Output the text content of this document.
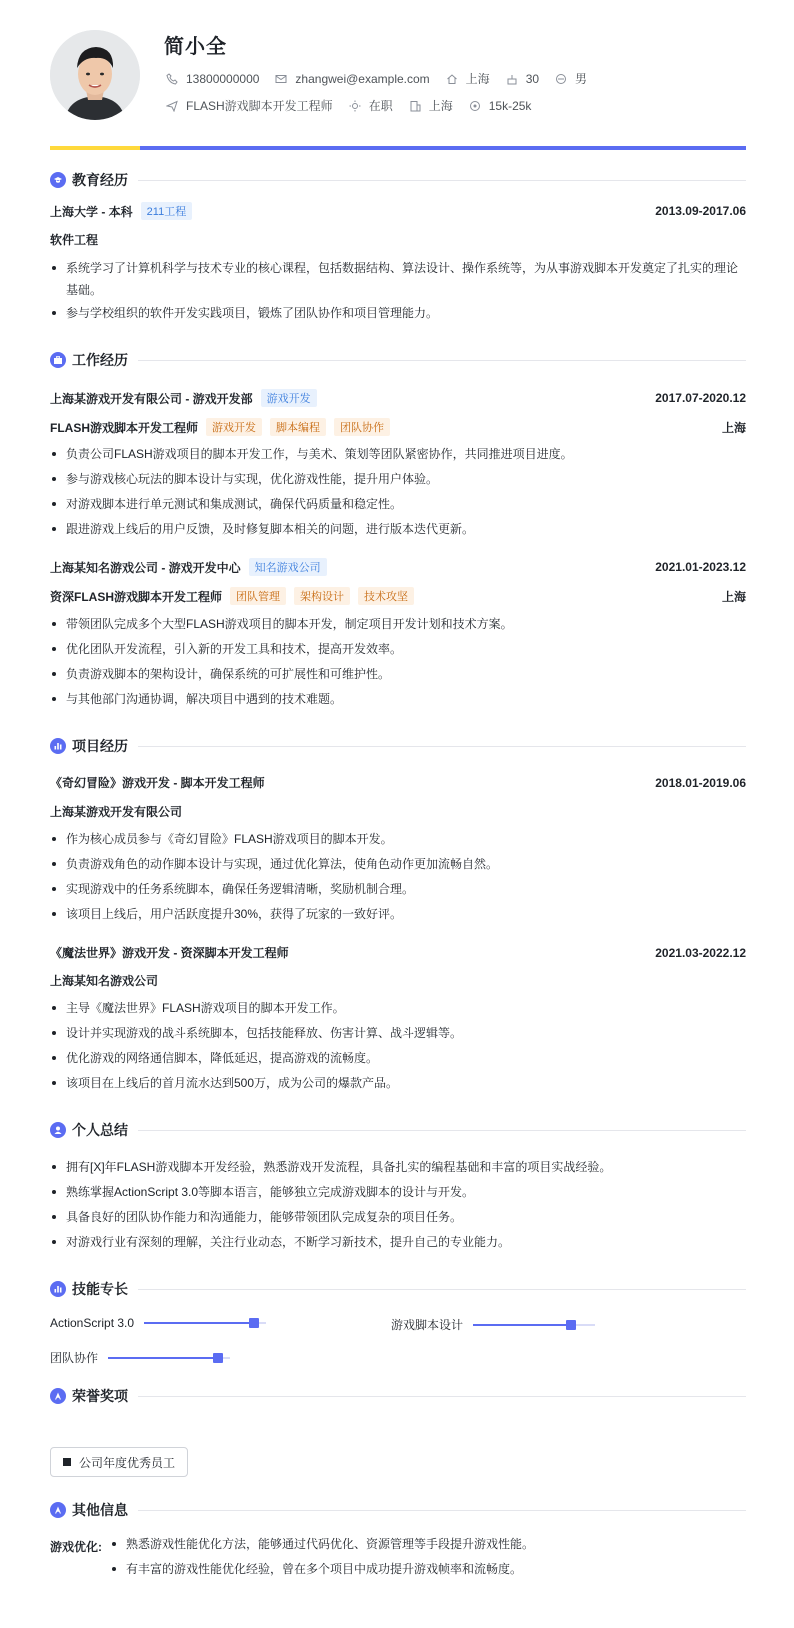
简小全
13800000000	zhangwei@example.com	上海	30	男
FLASH游戏脚本开发工程师	在职	上海	15k-25k
教育经历
上海大学 - 本科	211工程	2013.09-2017.06
软件工程
系统学习了计算机科学与技术专业的核心课程，包括数据结构、算法设计、操作系统等，为从事游戏脚本开发奠定了扎实的理论基础。
参与学校组织的软件开发实践项目，锻炼了团队协作和项目管理能力。
工作经历
上海某游戏开发有限公司 - 游戏开发部	游戏开发	2017.07-2020.12
FLASH游戏脚本开发工程师	游戏开发	脚本编程	团队协作	上海
负责公司FLASH游戏项目的脚本开发工作，与美术、策划等团队紧密协作，共同推进项目进度。
参与游戏核心玩法的脚本设计与实现，优化游戏性能，提升用户体验。
对游戏脚本进行单元测试和集成测试，确保代码质量和稳定性。
跟进游戏上线后的用户反馈，及时修复脚本相关的问题，进行版本迭代更新。
上海某知名游戏公司 - 游戏开发中心	知名游戏公司	2021.01-2023.12
资深FLASH游戏脚本开发工程师	团队管理	架构设计	技术攻坚	上海
带领团队完成多个大型FLASH游戏项目的脚本开发，制定项目开发计划和技术方案。
优化团队开发流程，引入新的开发工具和技术，提高开发效率。
负责游戏脚本的架构设计，确保系统的可扩展性和可维护性。
与其他部门沟通协调，解决项目中遇到的技术难题。
项目经历
《奇幻冒险》游戏开发 - 脚本开发工程师	2018.01-2019.06
上海某游戏开发有限公司
作为核心成员参与《奇幻冒险》FLASH游戏项目的脚本开发。
负责游戏角色的动作脚本设计与实现，通过优化算法，使角色动作更加流畅自然。
实现游戏中的任务系统脚本，确保任务逻辑清晰，奖励机制合理。
该项目上线后，用户活跃度提升30%，获得了玩家的一致好评。
《魔法世界》游戏开发 - 资深脚本开发工程师	2021.03-2022.12
上海某知名游戏公司
主导《魔法世界》FLASH游戏项目的脚本开发工作。
设计并实现游戏的战斗系统脚本，包括技能释放、伤害计算、战斗逻辑等。
优化游戏的网络通信脚本，降低延迟，提高游戏的流畅度。
该项目在上线后的首月流水达到500万，成为公司的爆款产品。
个人总结
拥有[X]年FLASH游戏脚本开发经验，熟悉游戏开发流程，具备扎实的编程基础和丰富的项目实战经验。
熟练掌握ActionScript 3.0等脚本语言，能够独立完成游戏脚本的设计与开发。
具备良好的团队协作能力和沟通能力，能够带领团队完成复杂的项目任务。
对游戏行业有深刻的理解，关注行业动态，不断学习新技术，提升自己的专业能力。
技能专长
ActionScript 3.0	游戏脚本设计
团队协作
荣誉奖项
公司年度优秀员工
其他信息
游戏优化:	熟悉游戏性能优化方法，能够通过代码优化、资源管理等手段提升游戏性能。
有丰富的游戏性能优化经验，曾在多个项目中成功提升游戏帧率和流畅度。
